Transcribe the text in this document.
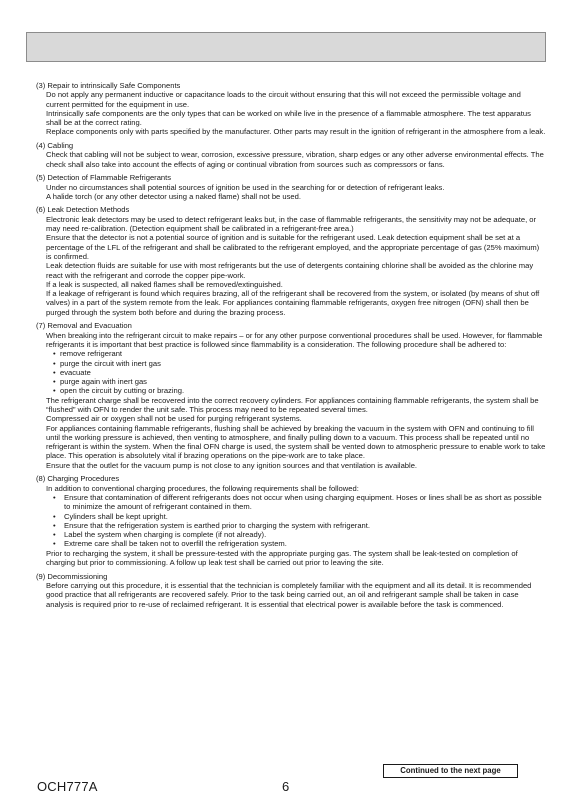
(3) Repair to intrinsically Safe Components
Do not apply any permanent inductive or capacitance loads to the circuit without ensuring that this will not exceed the permissible voltage and current permitted for the equipment in use.
Intrinsically safe components are the only types that can be worked on while live in the presence of a flammable atmosphere. The test apparatus shall be at the correct rating.
Replace components only with parts specified by the manufacturer. Other parts may result in the ignition of refrigerant in the atmosphere from a leak.
(4) Cabling
Check that cabling will not be subject to wear, corrosion, excessive pressure, vibration, sharp edges or any other adverse environmental effects. The check shall also take into account the effects of aging or continual vibration from sources such as compressors or fans.
(5) Detection of Flammable Refrigerants
Under no circumstances shall potential sources of ignition be used in the searching for or detection of refrigerant leaks.
A halide torch (or any other detector using a naked flame) shall not be used.
(6) Leak Detection Methods
Electronic leak detectors may be used to detect refrigerant leaks but, in the case of flammable refrigerants, the sensitivity may not be adequate, or may need re-calibration. (Detection equipment shall be calibrated in a refrigerant-free area.)
Ensure that the detector is not a potential source of ignition and is suitable for the refrigerant used. Leak detection equipment shall be set at a percentage of the LFL of the refrigerant and shall be calibrated to the refrigerant employed, and the appropriate percentage of gas (25% maximum) is confirmed.
Leak detection fluids are suitable for use with most refrigerants but the use of detergents containing chlorine shall be avoided as the chlorine may react with the refrigerant and corrode the copper pipe-work.
If a leak is suspected, all naked flames shall be removed/extinguished.
If a leakage of refrigerant is found which requires brazing, all of the refrigerant shall be recovered from the system, or isolated (by means of shut off valves) in a part of the system remote from the leak. For appliances containing flammable refrigerants, oxygen free nitrogen (OFN) shall then be purged through the system both before and during the brazing process.
(7) Removal and Evacuation
When breaking into the refrigerant circuit to make repairs – or for any other purpose conventional procedures shall be used. However, for flammable refrigerants it is important that best practice is followed since flammability is a consideration. The following procedure shall be adhered to:
• remove refrigerant
• purge the circuit with inert gas
• evacuate
• purge again with inert gas
• open the circuit by cutting or brazing.
The refrigerant charge shall be recovered into the correct recovery cylinders. For appliances containing flammable refrigerants, the system shall be “flushed” with OFN to render the unit safe. This process may need to be repeated several times.
Compressed air or oxygen shall not be used for purging refrigerant systems.
For appliances containing flammable refrigerants, flushing shall be achieved by breaking the vacuum in the system with OFN and continuing to fill until the working pressure is achieved, then venting to atmosphere, and finally pulling down to a vacuum. This process shall be repeated until no refrigerant is within the system. When the final OFN charge is used, the system shall be vented down to atmospheric pressure to enable work to take place. This operation is absolutely vital if brazing operations on the pipe-work are to take place.
Ensure that the outlet for the vacuum pump is not close to any ignition sources and that ventilation is available.
(8) Charging Procedures
In addition to conventional charging procedures, the following requirements shall be followed:
• Ensure that contamination of different refrigerants does not occur when using charging equipment. Hoses or lines shall be as short as possible to minimize the amount of refrigerant contained in them.
• Cylinders shall be kept upright.
• Ensure that the refrigeration system is earthed prior to charging the system with refrigerant.
• Label the system when charging is complete (if not already).
• Extreme care shall be taken not to overfill the refrigeration system.
Prior to recharging the system, it shall be pressure-tested with the appropriate purging gas. The system shall be leak-tested on completion of charging but prior to commissioning. A follow up leak test shall be carried out prior to leaving the site.
(9) Decommissioning
Before carrying out this procedure, it is essential that the technician is completely familiar with the equipment and all its detail. It is recommended good practice that all refrigerants are recovered safely. Prior to the task being carried out, an oil and refrigerant sample shall be taken in case analysis is required prior to re-use of reclaimed refrigerant. It is essential that electrical power is available before the task is commenced.
Continued to the next page
OCH777A	6
